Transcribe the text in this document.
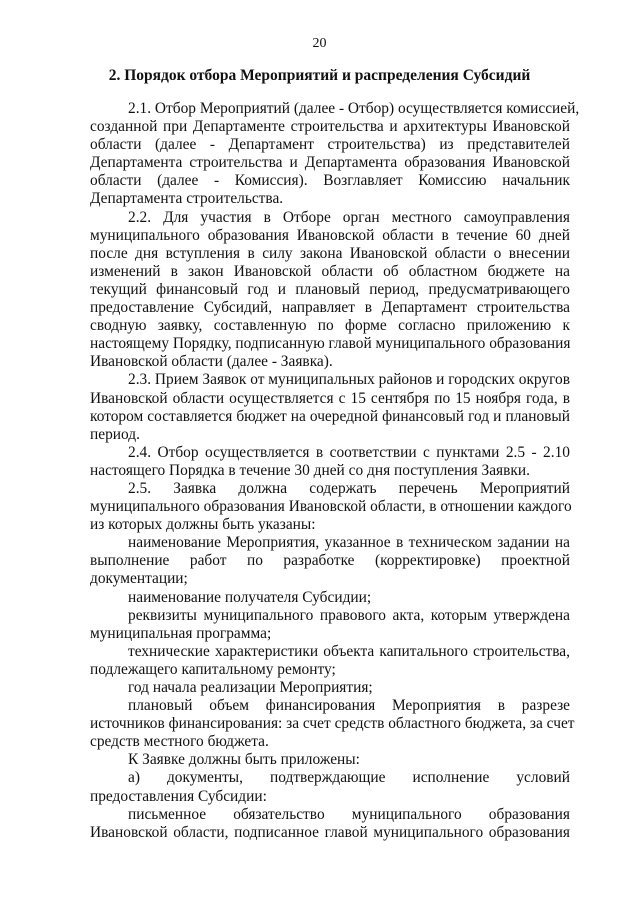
20
2. Порядок отбора Мероприятий и распределения Субсидий
2.1. Отбор Мероприятий (далее - Отбор) осуществляется комиссией,
созданной при Департаменте строительства и архитектуры Ивановской
области (далее - Департамент строительства) из представителей
Департамента строительства и Департамента образования Ивановской
области (далее - Комиссия). Возглавляет Комиссию начальник
Департамента строительства.
2.2. Для участия в Отборе орган местного самоуправления
муниципального образования Ивановской области в течение 60 дней
после дня вступления в силу закона Ивановской области о внесении
изменений в закон Ивановской области об областном бюджете на
текущий финансовый год и плановый период, предусматривающего
предоставление Субсидий, направляет в Департамент строительства
сводную заявку, составленную по форме согласно приложению к
настоящему Порядку, подписанную главой муниципального образования
Ивановской области (далее - Заявка).
2.3. Прием Заявок от муниципальных районов и городских округов
Ивановской области осуществляется с 15 сентября по 15 ноября года, в
котором составляется бюджет на очередной финансовый год и плановый
период.
2.4. Отбор осуществляется в соответствии с пунктами 2.5 - 2.10
настоящего Порядка в течение 30 дней со дня поступления Заявки.
2.5. Заявка должна содержать перечень Мероприятий
муниципального образования Ивановской области, в отношении каждого
из которых должны быть указаны:
наименование Мероприятия, указанное в техническом задании на
выполнение работ по разработке (корректировке) проектной
документации;
наименование получателя Субсидии;
реквизиты муниципального правового акта, которым утверждена
муниципальная программа;
технические характеристики объекта капитального строительства,
подлежащего капитальному ремонту;
год начала реализации Мероприятия;
плановый объем финансирования Мероприятия в разрезе
источников финансирования: за счет средств областного бюджета, за счет
средств местного бюджета.
К Заявке должны быть приложены:
а) документы, подтверждающие исполнение условий
предоставления Субсидии:
письменное обязательство муниципального образования
Ивановской области, подписанное главой муниципального образования
